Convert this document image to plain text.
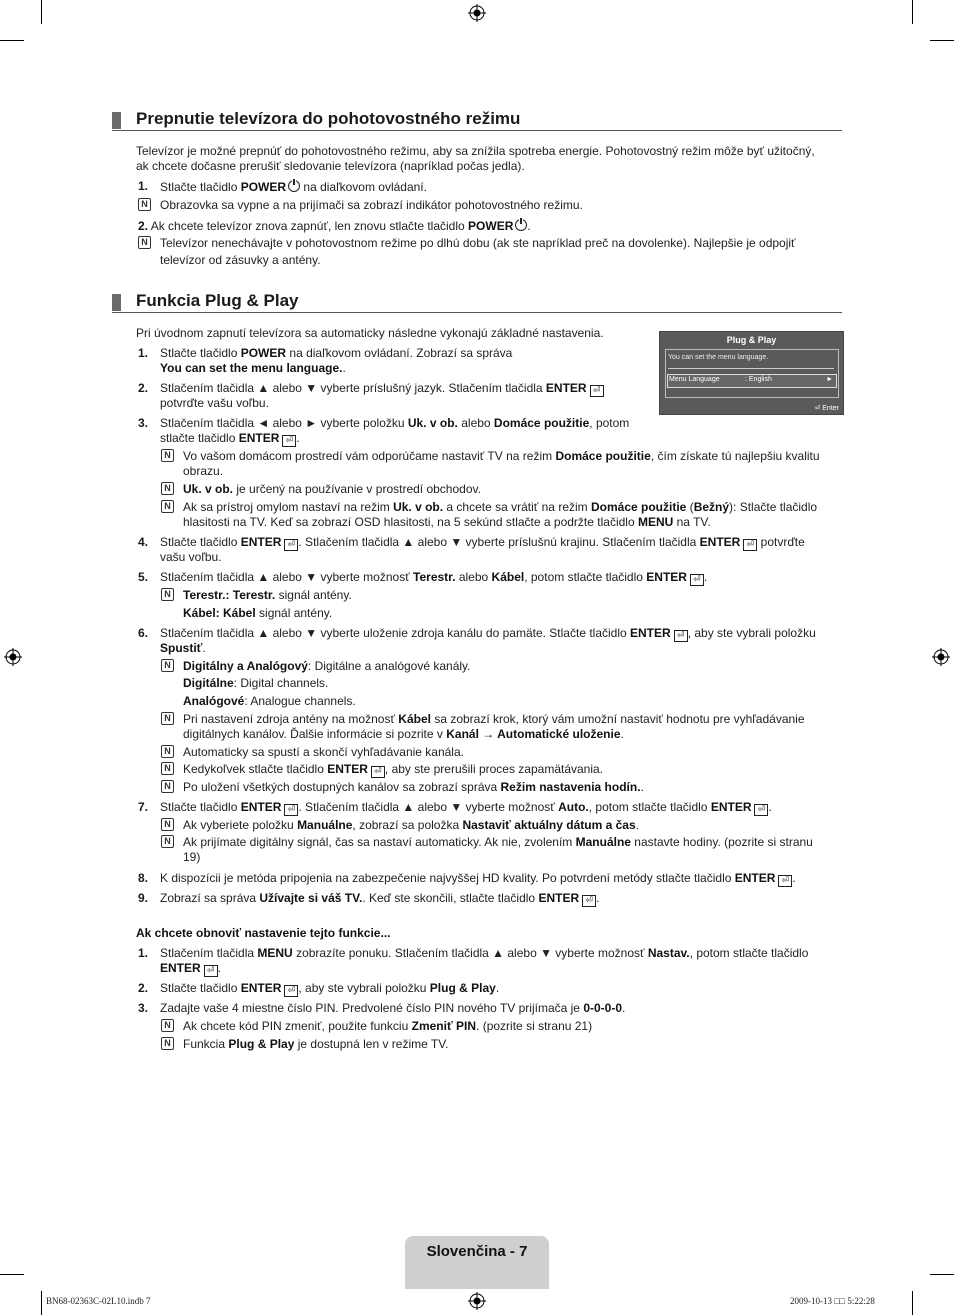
Prepnutie televízora do pohotovostného režimu
Televízor je možné prepnúť do pohotovostného režimu, aby sa znížila spotreba energie. Pohotovostný režim môže byť užitočný,
ak chcete dočasne prerušiť sledovanie televízora (napríklad počas jedla).
1. Stlačte tlačidlo POWER na diaľkovom ovládaní.
N Obrazovka sa vypne a na prijímači sa zobrazí indikátor pohotovostného režimu.
2. Ak chcete televízor znova zapnúť, len znovu stlačte tlačidlo POWER .
N Televízor nenechávajte v pohotovostnom režime po dlhú dobu (ak ste napríklad preč na dovolenke). Najlepšie je odpojiť
televízor od zásuvky a antény.
Funkcia Plug & Play
Pri úvodnom zapnutí televízora sa automaticky následne vykonajú základné nastavenia.	Plug & Play
You can set the menu language.
Menu Language	: English	►
⏎ Enter
1. Stlačte tlačidlo POWER na diaľkovom ovládaní. Zobrazí sa správa
You can set the menu language..
2. Stlačením tlačidla ▲ alebo ▼ vyberte príslušný jazyk. Stlačením tlačidla ENTER ⏎
potvrďte vašu voľbu.
3. Stlačením tlačidla ◄ alebo ► vyberte položku Uk. v ob. alebo Domáce použitie, potom
stlačte tlačidlo ENTER ⏎ .
N Vo vašom domácom prostredí vám odporúčame nastaviť TV na režim Domáce použitie, čím získate tú najlepšiu kvalitu
obrazu.
N Uk. v ob. je určený na používanie v prostredí obchodov.
N Ak sa prístroj omylom nastaví na režim Uk. v ob. a chcete sa vrátiť na režim Domáce použitie (Bežný): Stlačte tlačidlo
hlasitosti na TV. Keď sa zobrazí OSD hlasitosti, na 5 sekúnd stlačte a podržte tlačidlo MENU na TV.
4. Stlačte tlačidlo ENTER ⏎ . Stlačením tlačidla ▲ alebo ▼ vyberte príslušnú krajinu. Stlačením tlačidla ENTER ⏎ potvrďte
vašu voľbu.
5. Stlačením tlačidla ▲ alebo ▼ vyberte možnosť Terestr. alebo Kábel, potom stlačte tlačidlo ENTER ⏎ .
N Terestr.: Terestr. signál antény.
Kábel: Kábel signál antény.
6. Stlačením tlačidla ▲ alebo ▼ vyberte uloženie zdroja kanálu do pamäte. Stlačte tlačidlo ENTER ⏎ , aby ste vybrali položku
Spustiť.
N Digitálny a Analógový: Digitálne a analógové kanály.
Digitálne: Digital channels.
Analógové: Analogue channels.
N Pri nastavení zdroja antény na možnosť Kábel sa zobrazí krok, ktorý vám umožní nastaviť hodnotu pre vyhľadávanie
digitálnych kanálov. Ďalšie informácie si pozrite v Kanál → Automatické uloženie.
N Automaticky sa spustí a skončí vyhľadávanie kanála.
N Kedykoľvek stlačte tlačidlo ENTER ⏎ , aby ste prerušili proces zapamätávania.
N Po uložení všetkých dostupných kanálov sa zobrazí správa Režim nastavenia hodín..
7. Stlačte tlačidlo ENTER ⏎ . Stlačením tlačidla ▲ alebo ▼ vyberte možnosť Auto., potom stlačte tlačidlo ENTER ⏎ .
N Ak vyberiete položku Manuálne, zobrazí sa položka Nastaviť aktuálny dátum a čas.
N Ak prijímate digitálny signál, čas sa nastaví automaticky. Ak nie, zvolením Manuálne nastavte hodiny. (pozrite si stranu
19)
8. K dispozícii je metóda pripojenia na zabezpečenie najvyššej HD kvality. Po potvrdení metódy stlačte tlačidlo ENTER ⏎ .
9. Zobrazí sa správa Užívajte si váš TV.. Keď ste skončili, stlačte tlačidlo ENTER ⏎ .
Ak chcete obnoviť nastavenie tejto funkcie...
1. Stlačením tlačidla MENU zobrazíte ponuku. Stlačením tlačidla ▲ alebo ▼ vyberte možnosť Nastav., potom stlačte tlačidlo
ENTER ⏎ .
2. Stlačte tlačidlo ENTER ⏎ , aby ste vybrali položku Plug & Play.
3. Zadajte vaše 4 miestne číslo PIN. Predvolené číslo PIN nového TV prijímača je 0-0-0-0.
N Ak chcete kód PIN zmeniť, použite funkciu Zmeniť PIN. (pozrite si stranu 21)
N Funkcia Plug & Play je dostupná len v režime TV.
Slovenčina - 7
BN68-02363C-02L10.indb 7	2009-10-13 □□ 5:22:28
